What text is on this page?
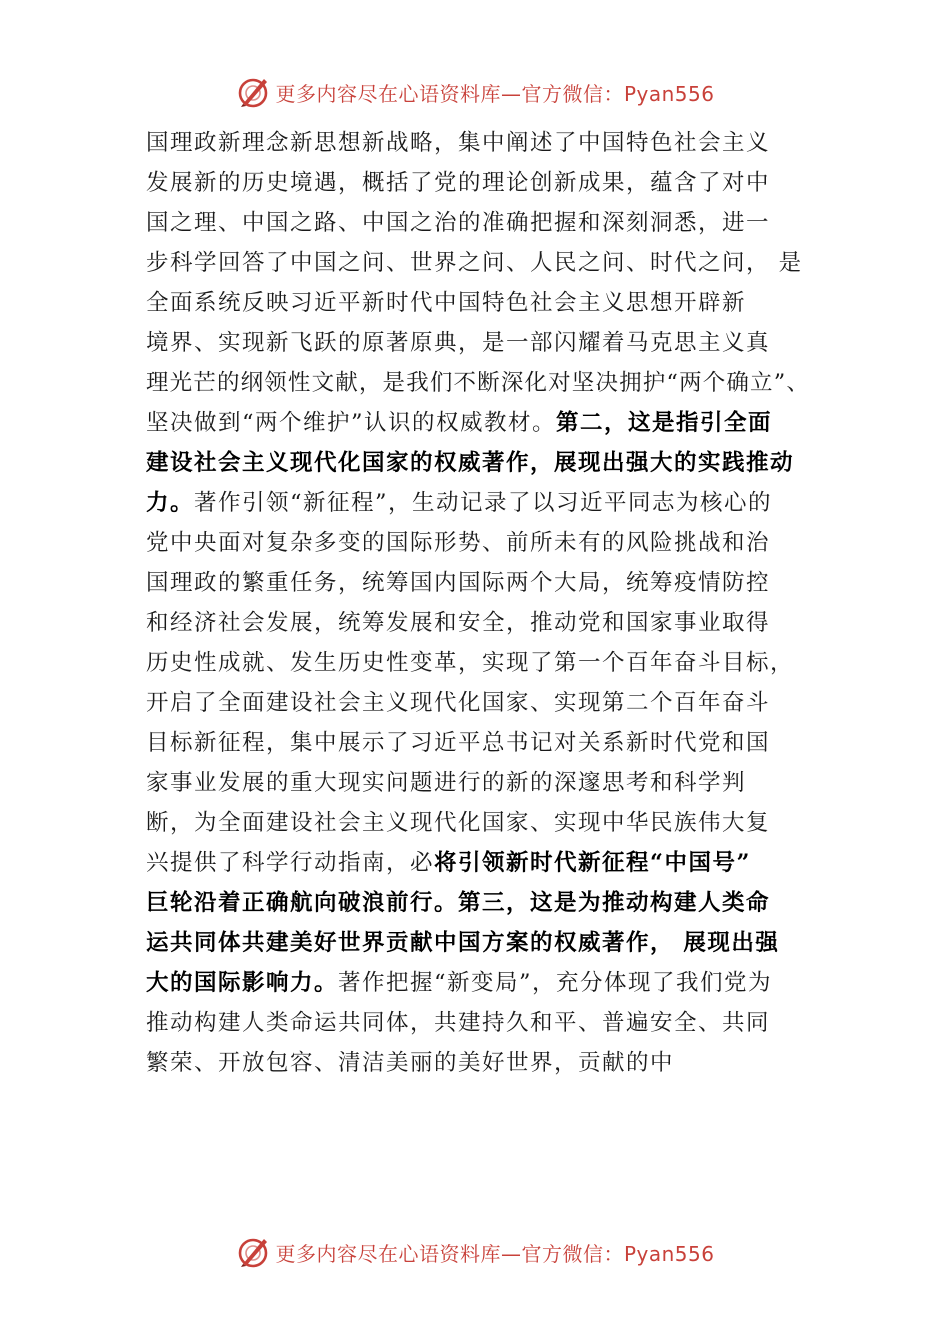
更多内容尽在心语资料库—官方微信：Pyan556
国理政新理念新思想新战略，集中阐述了中国特色社会主义
发展新的历史境遇，概括了党的理论创新成果，蕴含了对中
国之理、中国之路、中国之治的准确把握和深刻洞悉，进一
步科学回答了中国之问、世界之问、人民之问、时代之问， 是
全面系统反映习近平新时代中国特色社会主义思想开辟新
境界、实现新飞跃的原著原典，是一部闪耀着马克思主义真
理光芒的纲领性文献，是我们不断深化对坚决拥护“两个确立”、
坚决做到“两个维护”认识的权威教材。第二，这是指引全面
建设社会主义现代化国家的权威著作，展现出强大的实践推动
力。著作引领“新征程”，生动记录了以习近平同志为核心的
党中央面对复杂多变的国际形势、前所未有的风险挑战和治
国理政的繁重任务，统筹国内国际两个大局，统筹疫情防控
和经济社会发展，统筹发展和安全，推动党和国家事业取得
历史性成就、发生历史性变革，实现了第一个百年奋斗目标，
开启了全面建设社会主义现代化国家、实现第二个百年奋斗
目标新征程，集中展示了习近平总书记对关系新时代党和国
家事业发展的重大现实问题进行的新的深邃思考和科学判
断，为全面建设社会主义现代化国家、实现中华民族伟大复
兴提供了科学行动指南，必将引领新时代新征程“中国号”
巨轮沿着正确航向破浪前行。第三，这是为推动构建人类命
运共同体共建美好世界贡献中国方案的权威著作， 展现出强
大的国际影响力。著作把握“新变局”，充分体现了我们党为
推动构建人类命运共同体，共建持久和平、普遍安全、共同
繁荣、开放包容、清洁美丽的美好世界，贡献的中
更多内容尽在心语资料库—官方微信：Pyan556
